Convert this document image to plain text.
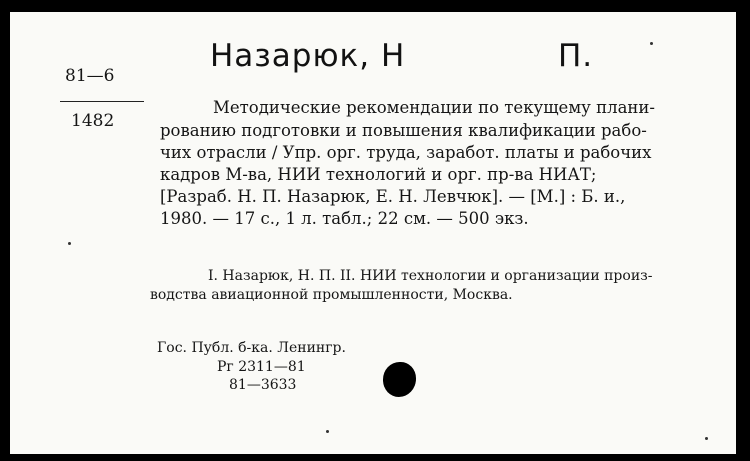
81—6
1482
Назарюк, Н	П.
Методические рекомендации по текущему плани-
рованию подготовки и повышения квалификации рабо-
чих отрасли / Упр. орг. труда, заработ. платы и рабочих
кадров М-ва, НИИ технологий и орг. пр-ва НИАТ;
[Разраб. Н. П. Назарюк, Е. Н. Левчюк]. — [М.] : Б. и.,
1980. — 17 с., 1 л. табл.; 22 см. — 500 экз.
I. Назарюк, Н. П. II. НИИ технологии и организации произ-
водства авиационной промышленности, Москва.
Гос. Публ. б-ка. Ленингр.
Рг 2311—81
81—3633
